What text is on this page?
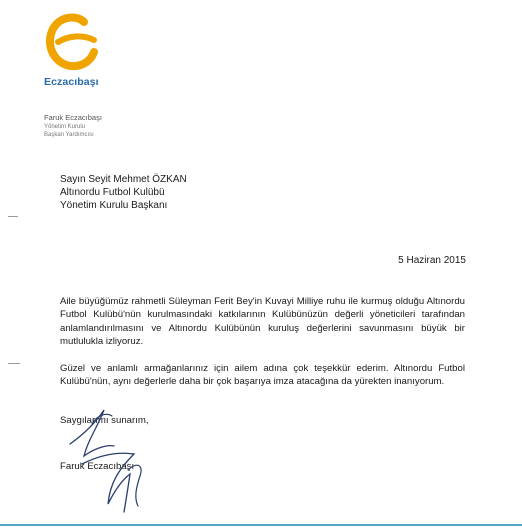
Eczacıbaşı
Faruk Eczacıbaşı
Yönetim Kurulu
Başkan Yardımcısı
Sayın Seyit Mehmet ÖZKAN
Altınordu Futbol Kulübü
Yönetim Kurulu Başkanı
5 Haziran 2015

Aile büyüğümüz rahmetli Süleyman Ferit Bey'in Kuvayi Milliye ruhu ile kurmuş olduğu Altınordu Futbol Kulübü'nün kurulmasındaki katkılarının Kulübünüzün değerli yöneticileri tarafından anlamlandırılmasını ve Altınordu Kulübünün kuruluş değerlerini savunmasını büyük bir mutlulukla izliyoruz.

Güzel ve anlamlı armağanlarınız için ailem adına çok teşekkür ederim. Altınordu Futbol Kulübü'nün, aynı değerlerle daha bir çok başarıya imza atacağına da yürekten inanıyorum.

Saygılarımı sunarım,
Faruk Eczacıbaşı
